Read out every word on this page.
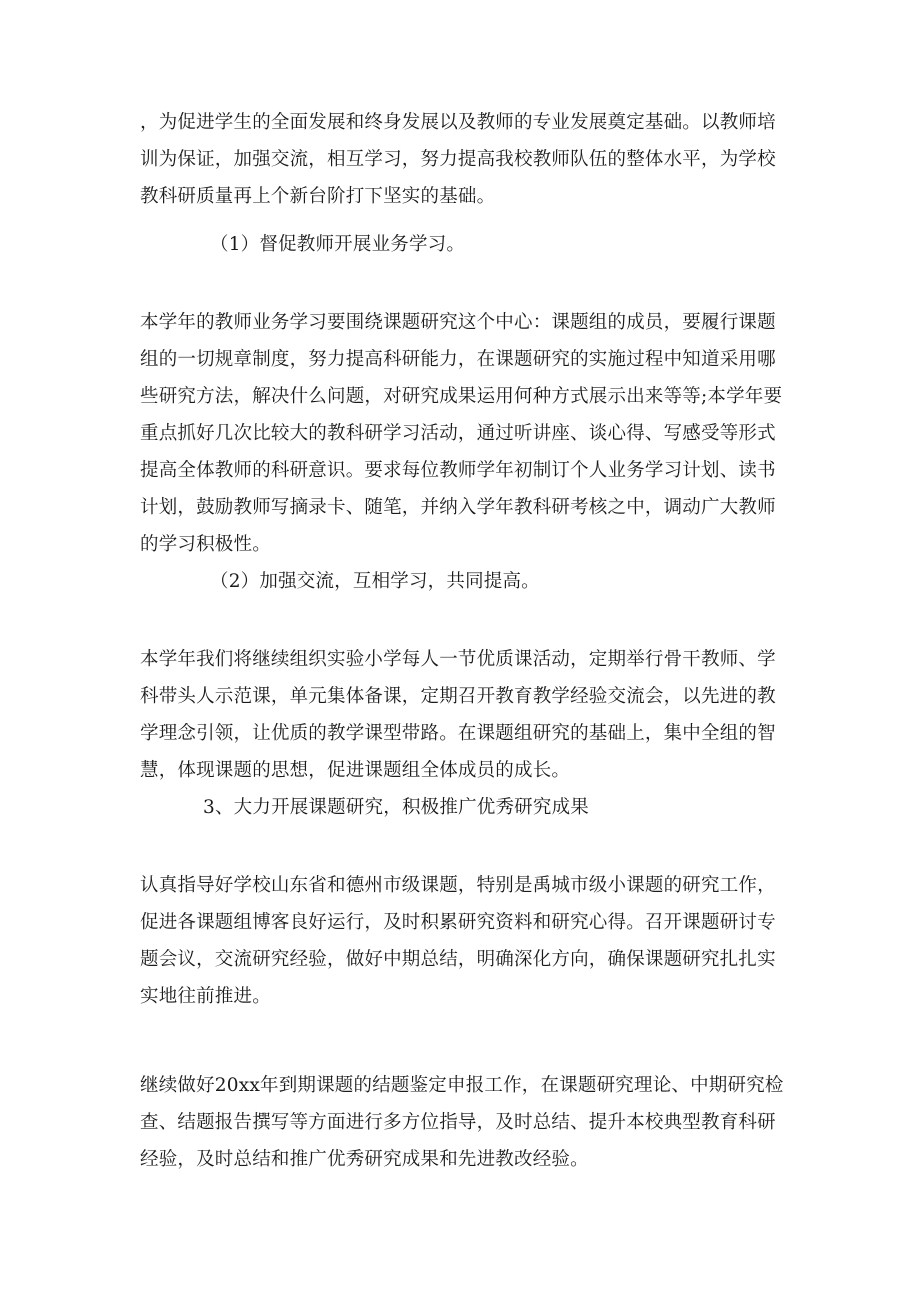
，为促进学生的全面发展和终身发展以及教师的专业发展奠定基础。以教师培
训为保证，加强交流，相互学习，努力提高我校教师队伍的整体水平，为学校
教科研质量再上个新台阶打下坚实的基础。
（1）督促教师开展业务学习。
本学年的教师业务学习要围绕课题研究这个中心：课题组的成员，要履行课题
组的一切规章制度，努力提高科研能力，在课题研究的实施过程中知道采用哪
些研究方法，解决什么问题，对研究成果运用何种方式展示出来等等;本学年要
重点抓好几次比较大的教科研学习活动，通过听讲座、谈心得、写感受等形式
提高全体教师的科研意识。要求每位教师学年初制订个人业务学习计划、读书
计划，鼓励教师写摘录卡、随笔，并纳入学年教科研考核之中，调动广大教师
的学习积极性。
（2）加强交流，互相学习，共同提高。
本学年我们将继续组织实验小学每人一节优质课活动，定期举行骨干教师、学
科带头人示范课，单元集体备课，定期召开教育教学经验交流会，以先进的教
学理念引领，让优质的教学课型带路。在课题组研究的基础上，集中全组的智
慧，体现课题的思想，促进课题组全体成员的成长。
3、大力开展课题研究，积极推广优秀研究成果
认真指导好学校山东省和德州市级课题，特别是禹城市级小课题的研究工作，
促进各课题组博客良好运行，及时积累研究资料和研究心得。召开课题研讨专
题会议，交流研究经验，做好中期总结，明确深化方向，确保课题研究扎扎实
实地往前推进。
继续做好20xx年到期课题的结题鉴定申报工作，在课题研究理论、中期研究检
查、结题报告撰写等方面进行多方位指导，及时总结、提升本校典型教育科研
经验，及时总结和推广优秀研究成果和先进教改经验。
